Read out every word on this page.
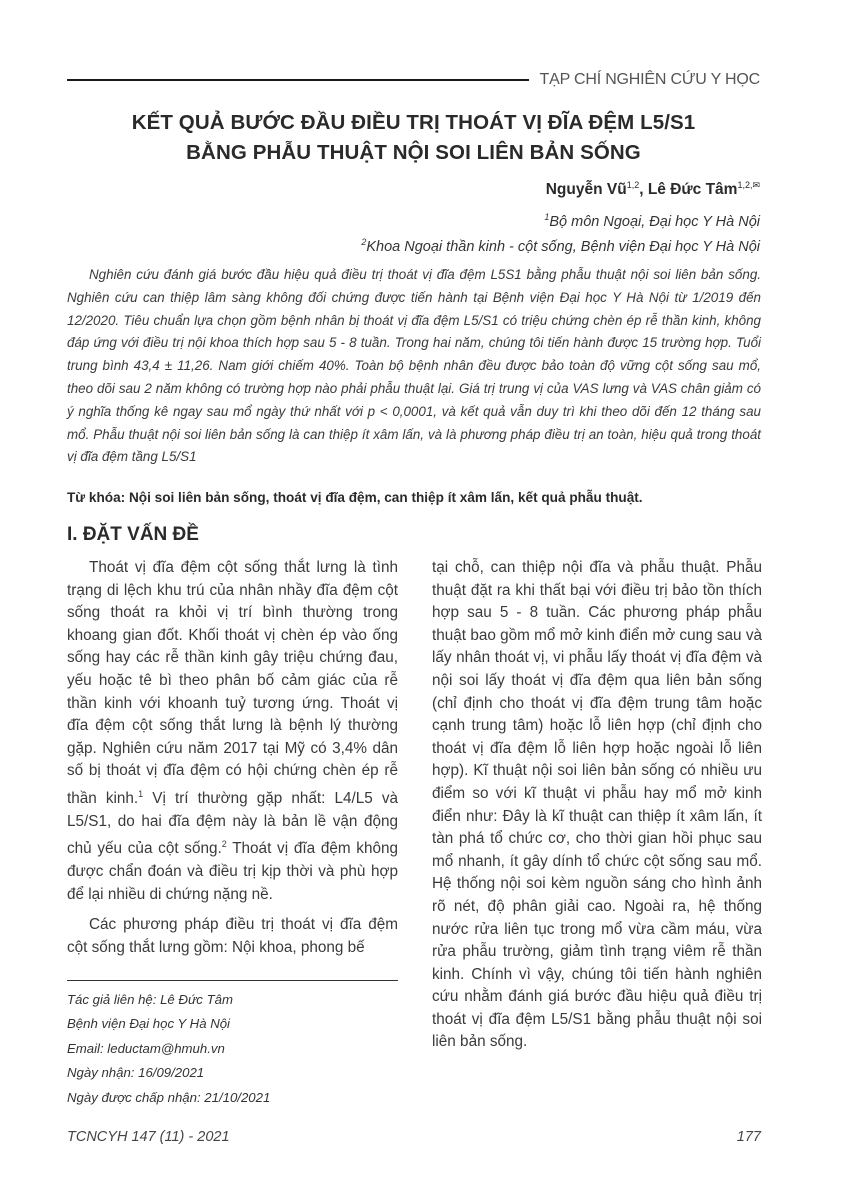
TẠP CHÍ NGHIÊN CỨU Y HỌC
KẾT QUẢ BƯỚC ĐẦU ĐIỀU TRỊ THOÁT VỊ ĐĨA ĐỆM L5/S1
BẰNG PHẪU THUẬT NỘI SOI LIÊN BẢN SỐNG
Nguyễn Vũ$^{1,2}$, Lê Đức Tâm$^{1,2,✉}$
$^1$Bộ môn Ngoại, Đại học Y Hà Nội
$^2$Khoa Ngoại thần kinh - cột sống, Bệnh viện Đại học Y Hà Nội
Nghiên cứu đánh giá bước đầu hiệu quả điều trị thoát vị đĩa đệm L5S1 bằng phẫu thuật nội soi liên bản sống. Nghiên cứu can thiệp lâm sàng không đối chứng được tiến hành tại Bệnh viện Đại học Y Hà Nội từ 1/2019 đến 12/2020. Tiêu chuẩn lựa chọn gồm bệnh nhân bị thoát vị đĩa đệm L5/S1 có triệu chứng chèn ép rễ thần kinh, không đáp ứng với điều trị nội khoa thích hợp sau 5 - 8 tuần. Trong hai năm, chúng tôi tiến hành được 15 trường hợp. Tuổi trung bình 43,4 ± 11,26. Nam giới chiếm 40%. Toàn bộ bệnh nhân đều được bảo toàn độ vững cột sống sau mổ, theo dõi sau 2 năm không có trường hợp nào phải phẫu thuật lại. Giá trị trung vị của VAS lưng và VAS chân giảm có ý nghĩa thống kê ngay sau mổ ngày thứ nhất với p < 0,0001, và kết quả vẫn duy trì khi theo dõi đến 12 tháng sau mổ. Phẫu thuật nội soi liên bản sống là can thiệp ít xâm lấn, và là phương pháp điều trị an toàn, hiệu quả trong thoát vị đĩa đệm tầng L5/S1
Từ khóa: Nội soi liên bản sống, thoát vị đĩa đệm, can thiệp ít xâm lấn, kết quả phẫu thuật.
I. ĐẶT VẤN ĐỀ

Thoát vị đĩa đệm cột sống thắt lưng là tình trạng di lệch khu trú của nhân nhầy đĩa đệm cột sống thoát ra khỏi vị trí bình thường trong khoang gian đốt. Khối thoát vị chèn ép vào ống sống hay các rễ thần kinh gây triệu chứng đau, yếu hoặc tê bì theo phân bố cảm giác của rễ thần kinh với khoanh tuỷ tương ứng. Thoát vị đĩa đệm cột sống thắt lưng là bệnh lý thường gặp. Nghiên cứu năm 2017 tại Mỹ có 3,4% dân số bị thoát vị đĩa đệm có hội chứng chèn ép rễ thần kinh.$^1$ Vị trí thường gặp nhất: L4/L5 và L5/S1, do hai đĩa đệm này là bản lề vận động chủ yếu của cột sống.$^2$ Thoát vị đĩa đệm không được chẩn đoán và điều trị kịp thời và phù hợp để lại nhiều di chứng nặng nề.

Các phương pháp điều trị thoát vị đĩa đệm cột sống thắt lưng gồm: Nội khoa, phong bế

tại chỗ, can thiệp nội đĩa và phẫu thuật. Phẫu thuật đặt ra khi thất bại với điều trị bảo tồn thích hợp sau 5 - 8 tuần. Các phương pháp phẫu thuật bao gồm mổ mở kinh điển mở cung sau và lấy nhân thoát vị, vi phẫu lấy thoát vị đĩa đệm và nội soi lấy thoát vị đĩa đệm qua liên bản sống (chỉ định cho thoát vị đĩa đệm trung tâm hoặc cạnh trung tâm) hoặc lỗ liên hợp (chỉ định cho thoát vị đĩa đệm lỗ liên hợp hoặc ngoài lỗ liên hợp). Kĩ thuật nội soi liên bản sống có nhiều ưu điểm so với kĩ thuật vi phẫu hay mổ mở kinh điển như: Đây là kĩ thuật can thiệp ít xâm lấn, ít tàn phá tổ chức cơ, cho thời gian hồi phục sau mổ nhanh, ít gây dính tổ chức cột sống sau mổ. Hệ thống nội soi kèm nguồn sáng cho hình ảnh rõ nét, độ phân giải cao. Ngoài ra, hệ thống nước rửa liên tục trong mổ vừa cầm máu, vừa rửa phẫu trường, giảm tình trạng viêm rễ thần kinh. Chính vì vậy, chúng tôi tiến hành nghiên cứu nhằm đánh giá bước đầu hiệu quả điều trị thoát vị đĩa đệm L5/S1 bằng phẫu thuật nội soi liên bản sống.

Tác giả liên hệ: Lê Đức Tâm
Bệnh viện Đại học Y Hà Nội
Email: leductam@hmuh.vn
Ngày nhận: 16/09/2021
Ngày được chấp nhận: 21/10/2021
TCNCYH 147 (11) - 2021	177
